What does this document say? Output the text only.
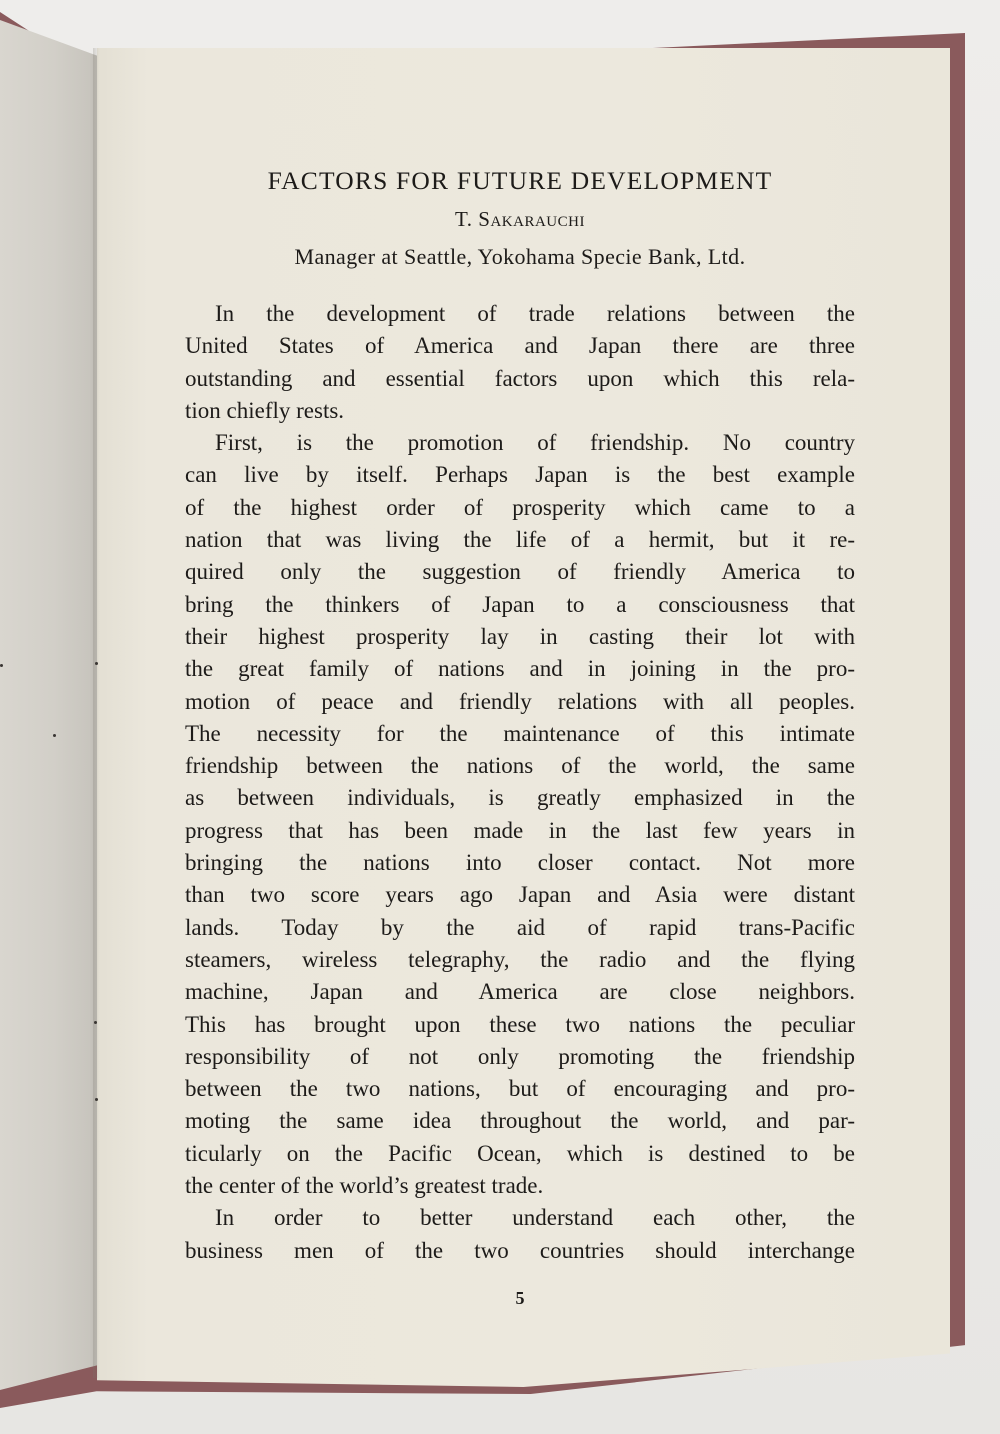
FACTORS FOR FUTURE DEVELOPMENT
T. Sakarauchi
Manager at Seattle, Yokohama Specie Bank, Ltd.
In the development of trade relations between the
United States of America and Japan there are three
outstanding and essential factors upon which this rela-
tion chiefly rests.
First, is the promotion of friendship. No country
can live by itself. Perhaps Japan is the best example
of the highest order of prosperity which came to a
nation that was living the life of a hermit, but it re-
quired only the suggestion of friendly America to
bring the thinkers of Japan to a consciousness that
their highest prosperity lay in casting their lot with
the great family of nations and in joining in the pro-
motion of peace and friendly relations with all peoples.
The necessity for the maintenance of this intimate
friendship between the nations of the world, the same
as between individuals, is greatly emphasized in the
progress that has been made in the last few years in
bringing the nations into closer contact. Not more
than two score years ago Japan and Asia were distant
lands. Today by the aid of rapid trans-Pacific
steamers, wireless telegraphy, the radio and the flying
machine, Japan and America are close neighbors.
This has brought upon these two nations the peculiar
responsibility of not only promoting the friendship
between the two nations, but of encouraging and pro-
moting the same idea throughout the world, and par-
ticularly on the Pacific Ocean, which is destined to be
the center of the world’s greatest trade.
In order to better understand each other, the
business men of the two countries should interchange
5
